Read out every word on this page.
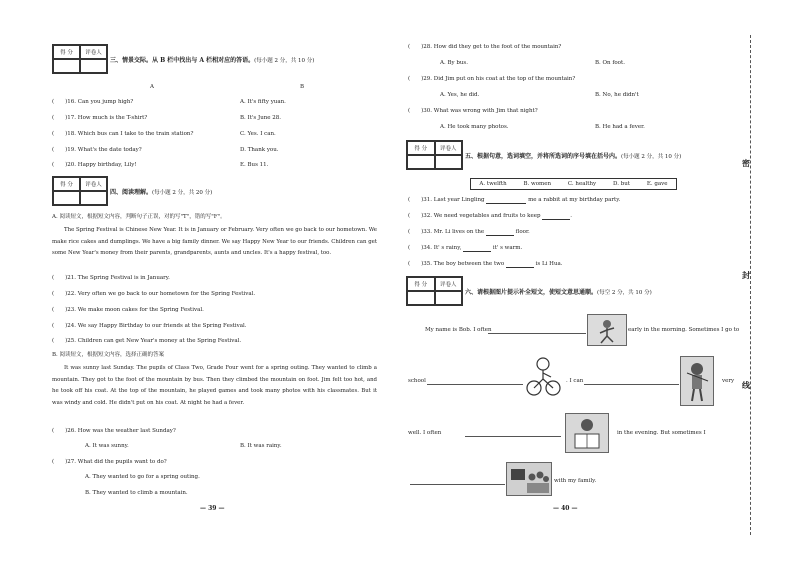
得 分	评卷人
三、情景交际。从 B 栏中找出与 A 栏相对应的答语。(每小题 2 分，共 10 分)
A	B
(　　)16. Can you jump high?	A. It's fifty yuan.
(　　)17. How much is the T-shirt?	B. It's June 28.
(　　)18. Which bus can I take to the train station?	C. Yes. I can.
(　　)19. What's the date today?	D. Thank you.
(　　)20. Happy birthday, Lily!	E. Bus 11.
得 分	评卷人
四、阅读理解。(每小题 2 分，共 20 分)
A. 阅读短文，根据短文内容，判断句子正误，对的写"T"，错的写"F"。
The Spring Festival is Chinese New Year. It is in January or February. Very often we go back to our hometown. We make rice cakes and dumplings. We have a big family dinner. We say Happy New Year to our friends. Children can get some New Year's money from their parents, grandparents, aunts and uncles. It's a happy festival, too.
(　　)21. The Spring Festival is in January.
(　　)22. Very often we go back to our hometown for the Spring Festival.
(　　)23. We make moon cakes for the Spring Festival.
(　　)24. We say Happy Birthday to our friends at the Spring Festival.
(　　)25. Children can get New Year's money at the Spring Festival.
B. 阅读短文，根据短文内容，选择正确的答案
It was sunny last Sunday. The pupils of Class Two, Grade Four went for a spring outing. They wanted to climb a mountain. They got to the foot of the mountain by bus. Then they climbed the mountain on foot. Jim felt too hot, and he took off his coat. At the top of the mountain, he played games and took many photos with his classmates. But it was windy and cold. He didn't put on his coat. At night he had a fever.
(　　)26. How was the weather last Sunday?
A. It was sunny.	B. It was rainy.
(　　)27. What did the pupils want to do?
A. They wanted to go for a spring outing.
B. They wanted to climb a mountain.
— 39 —
(　　)28. How did they get to the foot of the mountain?
A. By bus.	B. On foot.
(　　)29. Did Jim put on his coat at the top of the mountain?
A. Yes, he did.	B. No, he didn't
(　　)30. What was wrong with Jim that night?
A. He took many photos.	B. He had a fever.
得 分	评卷人
五、根据句意，选词填空，并将所选词的序号填在括号内。(每小题 2 分，共 10 分)
A. twelfth	B. women	C. healthy	D. but	E. gave
(　　)31. Last year Lingling	me a rabbit at my birthday party.
(　　)32. We need vegetables and fruits to keep	.
(　　)33. Mr. Li lives on the	floor.
(　　)34. It' s rainy,	it' s warm.
(　　)35. The boy between the two	is Li Hua.
得 分	评卷人
六、请根据图片提示补全短文，使短文意思通顺。(每空 2 分，共 10 分)
My name is Bob. I often	early in the morning. Sometimes I go to
school	. I can	very
well. I often	in the evening. But sometimes I
with my family.
— 40 —
密
封
线
